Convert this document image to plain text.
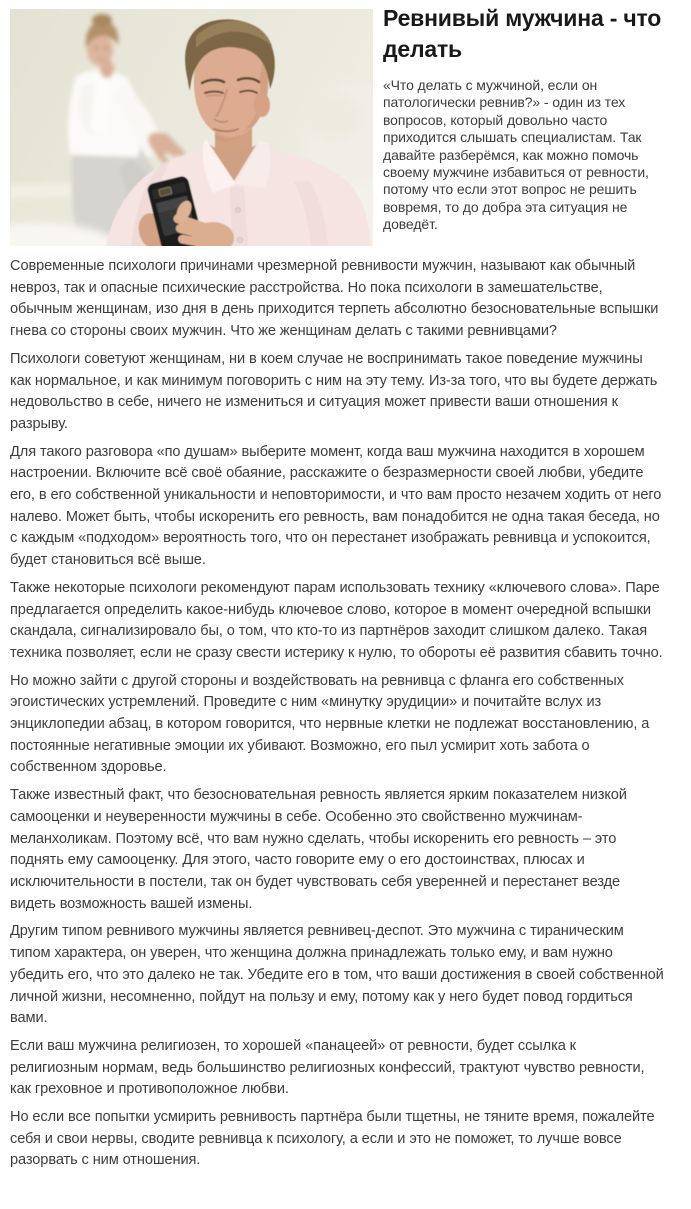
Ревнивый мужчина - что делать

«Что делать с мужчиной, если он патологически ревнив?» - один из тех вопросов, который довольно часто приходится слышать специалистам. Так давайте разберёмся, как можно помочь своему мужчине избавиться от ревности, потому что если этот вопрос не решить вовремя, то до добра эта ситуация не доведёт.

Современные психологи причинами чрезмерной ревнивости мужчин, называют как обычный невроз, так и опасные психические расстройства. Но пока психологи в замешательстве, обычным женщинам, изо дня в день приходится терпеть абсолютно безосновательные вспышки гнева со стороны своих мужчин. Что же женщинам делать с такими ревнивцами?

Психологи советуют женщинам, ни в коем случае не воспринимать такое поведение мужчины как нормальное, и как минимум поговорить с ним на эту тему. Из-за того, что вы будете держать недовольство в себе, ничего не измениться и ситуация может привести ваши отношения к разрыву.

Для такого разговора «по душам» выберите момент, когда ваш мужчина находится в хорошем настроении. Включите всё своё обаяние, расскажите о безразмерности своей любви, убедите его, в его собственной уникальности и неповторимости, и что вам просто незачем ходить от него налево. Может быть, чтобы искоренить его ревность, вам понадобится не одна такая беседа, но с каждым «подходом» вероятность того, что он перестанет изображать ревнивца и успокоится, будет становиться всё выше.

Также некоторые психологи рекомендуют парам использовать технику «ключевого слова». Паре предлагается определить какое-нибудь ключевое слово, которое в момент очередной вспышки скандала, сигнализировало бы, о том, что кто-то из партнёров заходит слишком далеко. Такая техника позволяет, если не сразу свести истерику к нулю, то обороты её развития сбавить точно.

Но можно зайти с другой стороны и воздействовать на ревнивца с фланга его собственных эгоистических устремлений. Проведите с ним «минутку эрудиции» и почитайте вслух из энциклопедии абзац, в котором говорится, что нервные клетки не подлежат восстановлению, а постоянные негативные эмоции их убивают. Возможно, его пыл усмирит хоть забота о собственном здоровье.

Также известный факт, что безосновательная ревность является ярким показателем низкой самооценки и неуверенности мужчины в себе. Особенно это свойственно мужчинам-меланхоликам. Поэтому всё, что вам нужно сделать, чтобы искоренить его ревность – это поднять ему самооценку. Для этого, часто говорите ему о его достоинствах, плюсах и исключительности в постели, так он будет чувствовать себя уверенней и перестанет везде видеть возможность вашей измены.

Другим типом ревнивого мужчины является ревнивец-деспот. Это мужчина с тираническим типом характера, он уверен, что женщина должна принадлежать только ему, и вам нужно убедить его, что это далеко не так. Убедите его в том, что ваши достижения в своей собственной личной жизни, несомненно, пойдут на пользу и ему, потому как у него будет повод гордиться вами.

Если ваш мужчина религиозен, то хорошей «панацеей» от ревности, будет ссылка к религиозным нормам, ведь большинство религиозных конфессий, трактуют чувство ревности, как греховное и противоположное любви.

Но если все попытки усмирить ревнивость партнёра были тщетны, не тяните время, пожалейте себя и свои нервы, сводите ревнивца к психологу, а если и это не поможет, то лучше вовсе разорвать с ним отношения.
